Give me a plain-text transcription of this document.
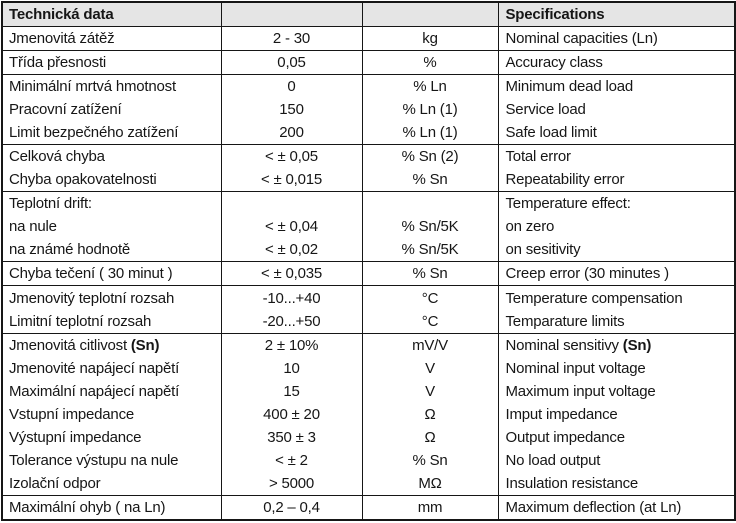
Technická data			Specifications
Jmenovitá zátěž	2 - 30	kg	Nominal capacities (Ln)
Třída přesnosti	0,05	%	Accuracy class
Minimální mrtvá hmotnost	0	% Ln	Minimum dead load
Pracovní zatížení	150	% Ln (1)	Service load
Limit bezpečného zatížení	200	% Ln (1)	Safe load limit
Celková chyba	< ± 0,05	% Sn (2)	Total error
Chyba opakovatelnosti	< ± 0,015	% Sn	Repeatability error
Teplotní drift:			Temperature effect:
na nule	< ± 0,04	% Sn/5K	on zero
na známé hodnotě	< ± 0,02	% Sn/5K	on sesitivity
Chyba tečení ( 30 minut )	< ± 0,035	% Sn	Creep error (30 minutes )
Jmenovitý teplotní rozsah	-10...+40	°C	Temperature compensation
Limitní teplotní rozsah	-20...+50	°C	Temparature limits
Jmenovitá citlivost (Sn)	2 ± 10%	mV/V	Nominal sensitivy (Sn)
Jmenovité napájecí napětí	10	V	Nominal input voltage
Maximální napájecí napětí	15	V	Maximum input voltage
Vstupní impedance	400 ± 20	Ω	Imput impedance
Výstupní impedance	350 ± 3	Ω	Output impedance
Tolerance výstupu na nule	< ± 2	% Sn	No load output
Izolační odpor	> 5000	MΩ	Insulation resistance
Maximální ohyb ( na Ln)	0,2 – 0,4	mm	Maximum deflection (at Ln)
